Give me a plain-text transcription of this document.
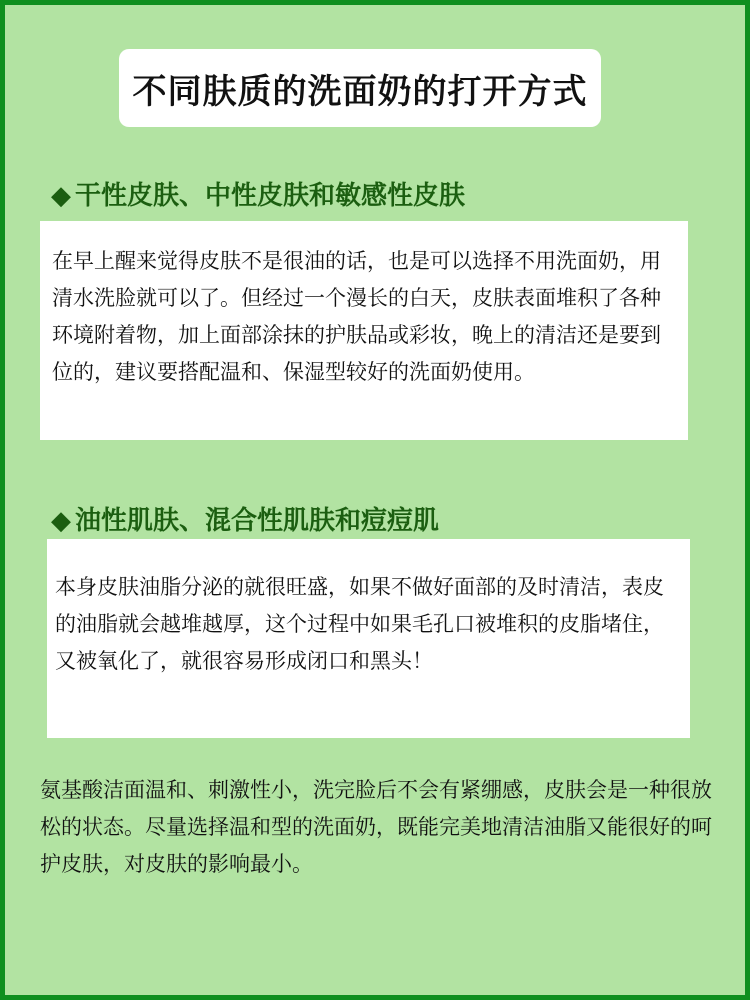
不同肤质的洗面奶的打开方式
◆ 干性皮肤、中性皮肤和敏感性皮肤

在早上醒来觉得皮肤不是很油的话，也是可以选择不用洗面奶，用清水洗脸就可以了。但经过一个漫长的白天，皮肤表面堆积了各种环境附着物，加上面部涂抹的护肤品或彩妆，晚上的清洁还是要到位的，建议要搭配温和、保湿型较好的洗面奶使用。

◆ 油性肌肤、混合性肌肤和痘痘肌

本身皮肤油脂分泌的就很旺盛，如果不做好面部的及时清洁，表皮的油脂就会越堆越厚，这个过程中如果毛孔口被堆积的皮脂堵住，又被氧化了，就很容易形成闭口和黑头！

氨基酸洁面温和、刺激性小，洗完脸后不会有紧绷感，皮肤会是一种很放松的状态。尽量选择温和型的洗面奶，既能完美地清洁油脂又能很好的呵护皮肤，对皮肤的影响最小。
